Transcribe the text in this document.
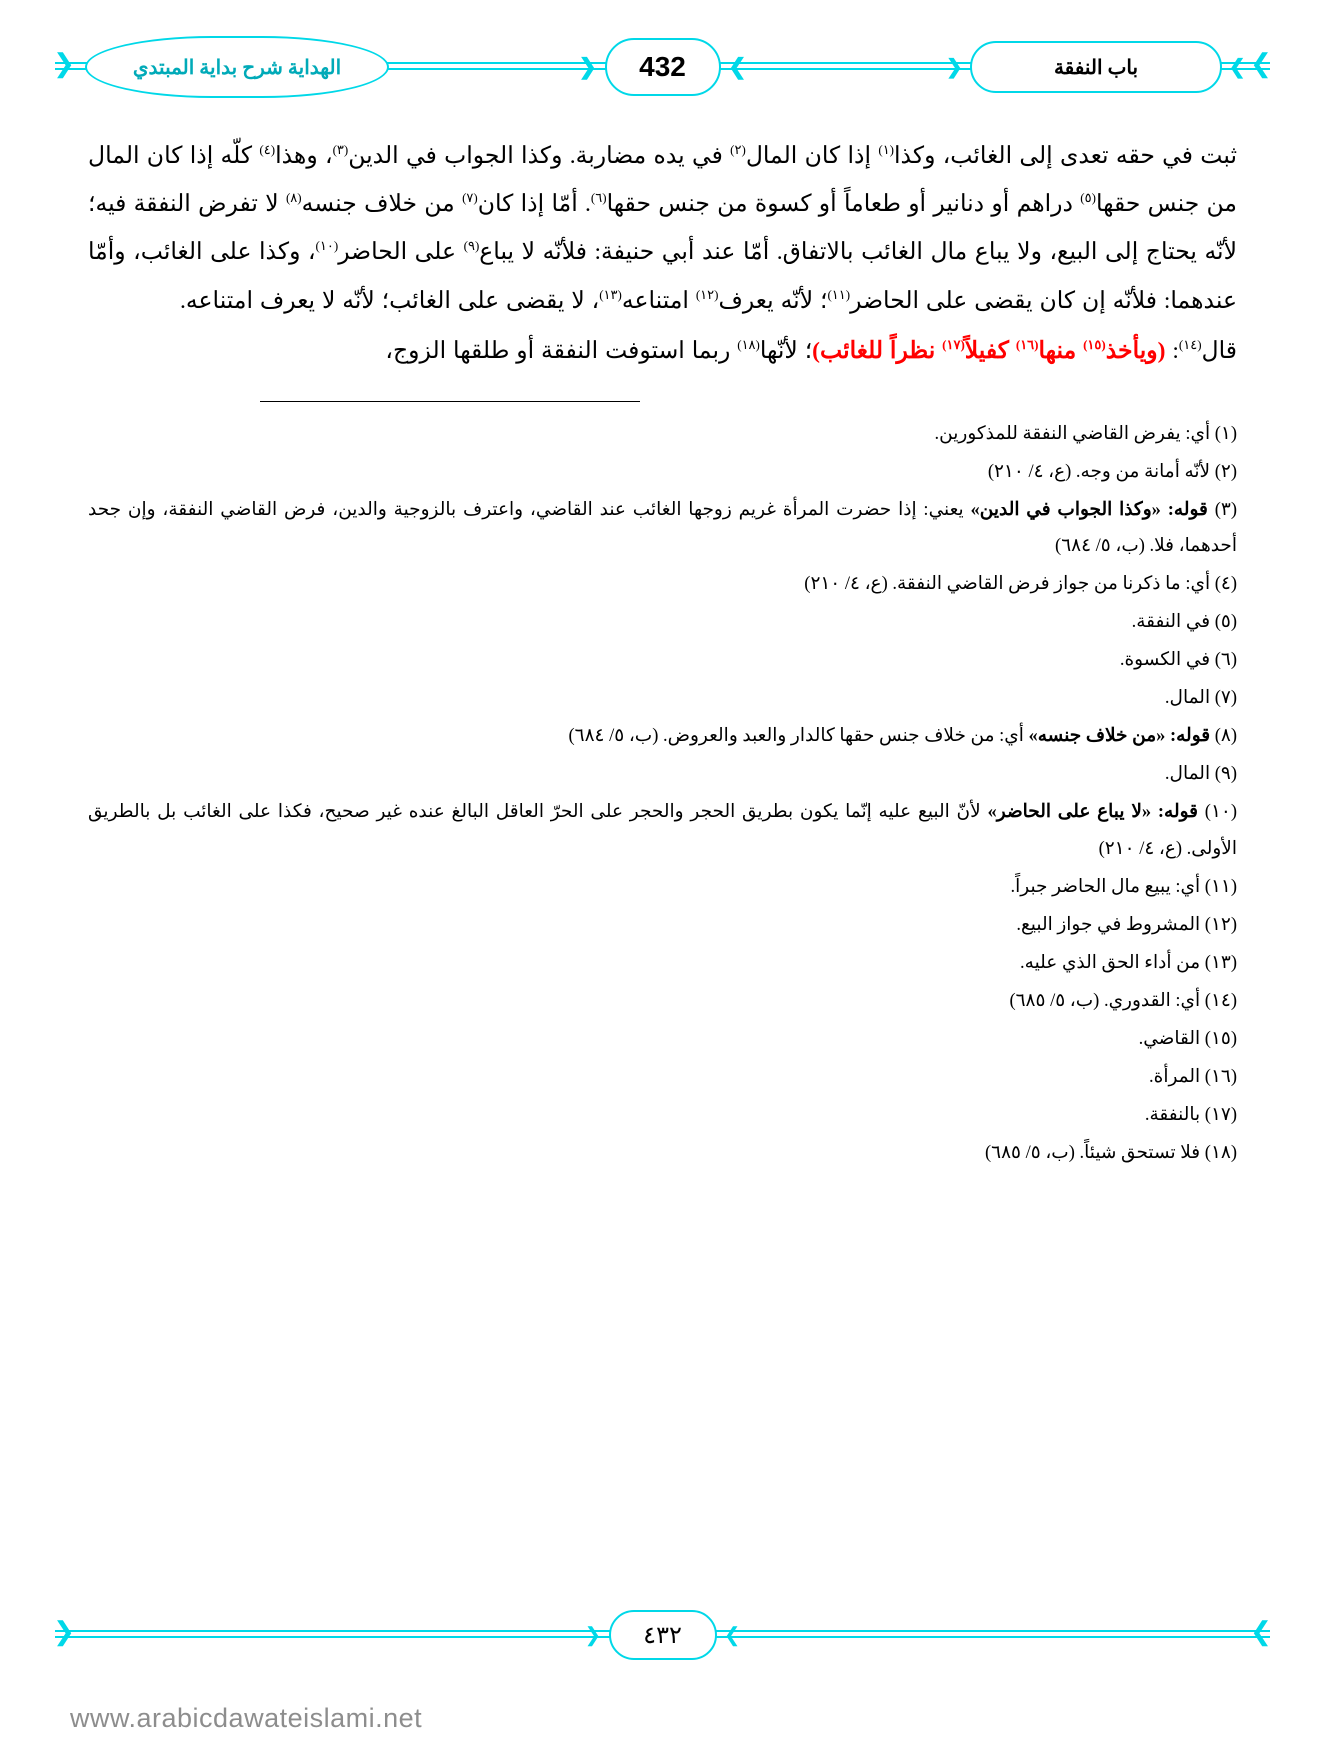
❯
❮	❯
باب النفقة
❮
❯
432
❮
الهداية شرح بداية المبتدي

ثبت في حقه تعدى إلى الغائب، وكذا$^{(١)}$ إذا كان المال$^{(٢)}$ في يده مضاربة. وكذا الجواب في الدين$^{(٣)}$، وهذا$^{(٤)}$ كلّه إذا كان المال من جنس حقها$^{(٥)}$ دراهم أو دنانير أو طعاماً أو كسوة من جنس حقها$^{(٦)}$. أمّا إذا كان$^{(٧)}$ من خلاف جنسه$^{(٨)}$ لا تفرض النفقة فيه؛ لأنّه يحتاج إلى البيع، ولا يباع مال الغائب بالاتفاق. أمّا عند أبي حنيفة: فلأنّه لا يباع$^{(٩)}$ على الحاضر$^{(١٠)}$، وكذا على الغائب، وأمّا عندهما: فلأنّه إن كان يقضى على الحاضر$^{(١١)}$؛ لأنّه يعرف$^{(١٢)}$ امتناعه$^{(١٣)}$، لا يقضى على الغائب؛ لأنّه لا يعرف امتناعه.

قال$^{(١٤)}$: (ويأخذ$^{(١٥)}$ منها$^{(١٦)}$ كفيلاً$^{(١٧)}$ نظراً للغائب)؛ لأنّها$^{(١٨)}$ ربما استوفت النفقة أو طلقها الزوج،

(١) أي: يفرض القاضي النفقة للمذكورين.
(٢) لأنّه أمانة من وجه. (ع، ٤/ ٢١٠)
(٣) قوله: «وكذا الجواب في الدين» يعني: إذا حضرت المرأة غريم زوجها الغائب عند القاضي، واعترف بالزوجية والدين، فرض القاضي النفقة، وإن جحد أحدهما، فلا. (ب، ٥/ ٦٨٤)
(٤) أي: ما ذكرنا من جواز فرض القاضي النفقة. (ع، ٤/ ٢١٠)
(٥) في النفقة.
(٦) في الكسوة.
(٧) المال.
(٨) قوله: «من خلاف جنسه» أي: من خلاف جنس حقها كالدار والعبد والعروض. (ب، ٥/ ٦٨٤)
(٩) المال.
(١٠) قوله: «لا يباع على الحاضر» لأنّ البيع عليه إنّما يكون بطريق الحجر والحجر على الحرّ العاقل البالغ عنده غير صحيح، فكذا على الغائب بل بالطريق الأولى. (ع، ٤/ ٢١٠)
(١١) أي: يبيع مال الحاضر جبراً.
(١٢) المشروط في جواز البيع.
(١٣) من أداء الحق الذي عليه.
(١٤) أي: القدوري. (ب، ٥/ ٦٨٥)
(١٥) القاضي.
(١٦) المرأة.
(١٧) بالنفقة.
(١٨) فلا تستحق شيئاً. (ب، ٥/ ٦٨٥)
❯
❮	❯
٤٣٢
❮
www.arabicdawateislami.net
